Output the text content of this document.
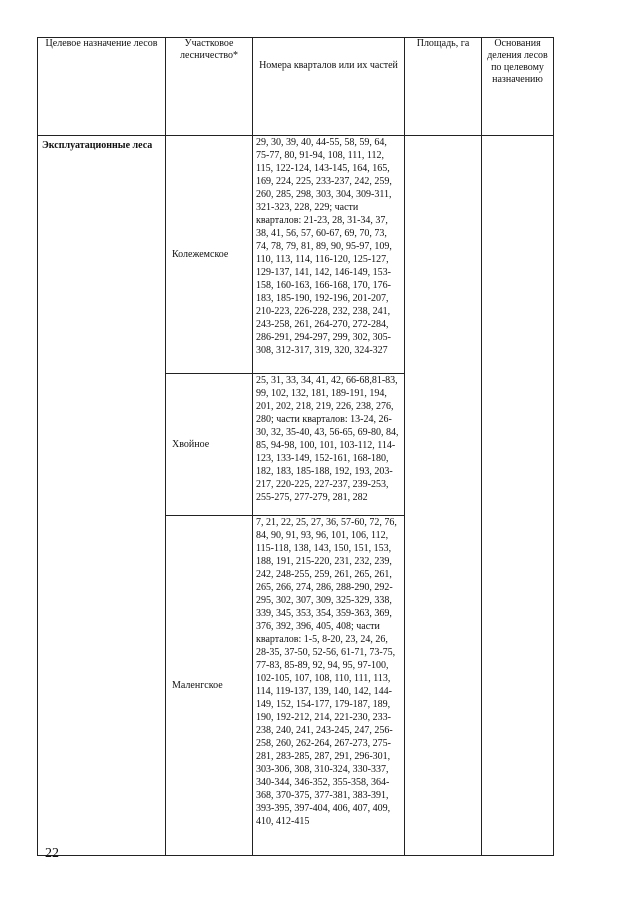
Целевое назначение лесов	Участковое лесничество*	Номера кварталов или их частей	Площадь, га	Основания деления лесов по целевому назначению
Эксплуатационные леса	Колежемское	29, 30, 39, 40, 44-55, 58, 59, 64, 75-77, 80, 91-94, 108, 111, 112, 115, 122-124, 143-145, 164, 165, 169, 224, 225, 233-237, 242, 259, 260, 285, 298, 303, 304, 309-311, 321-323, 228, 229; части кварталов: 21-23, 28, 31-34, 37, 38, 41, 56, 57, 60-67, 69, 70, 73, 74, 78, 79, 81, 89, 90, 95-97, 109, 110, 113, 114, 116-120, 125-127, 129-137, 141, 142, 146-149, 153-158, 160-163, 166-168, 170, 176-183, 185-190, 192-196, 201-207, 210-223, 226-228, 232, 238, 241, 243-258, 261, 264-270, 272-284, 286-291, 294-297, 299, 302, 305-308, 312-317, 319, 320, 324-327		
	Хвойное	25, 31, 33, 34, 41, 42, 66-68,81-83, 99, 102, 132, 181, 189-191, 194, 201, 202, 218, 219, 226, 238, 276, 280; части кварталов: 13-24, 26-30, 32, 35-40, 43, 56-65, 69-80, 84, 85, 94-98, 100, 101, 103-112, 114-123, 133-149, 152-161, 168-180, 182, 183, 185-188, 192, 193, 203-217, 220-225, 227-237, 239-253, 255-275, 277-279, 281, 282		
	Маленгское	7, 21, 22, 25, 27, 36, 57-60, 72, 76, 84, 90, 91, 93, 96, 101, 106, 112, 115-118, 138, 143, 150, 151, 153, 188, 191, 215-220, 231, 232, 239, 242, 248-255, 259, 261, 265, 261, 265, 266, 274, 286, 288-290, 292-295, 302, 307, 309, 325-329, 338, 339, 345, 353, 354, 359-363, 369, 376, 392, 396, 405, 408; части кварталов: 1-5, 8-20, 23, 24, 26, 28-35, 37-50, 52-56, 61-71, 73-75, 77-83, 85-89, 92, 94, 95, 97-100, 102-105, 107, 108, 110, 111, 113, 114, 119-137, 139, 140, 142, 144-149, 152, 154-177, 179-187, 189, 190, 192-212, 214, 221-230, 233-238, 240, 241, 243-245, 247, 256-258, 260, 262-264, 267-273, 275-281, 283-285, 287, 291, 296-301, 303-306, 308, 310-324, 330-337, 340-344, 346-352, 355-358, 364-368, 370-375, 377-381, 383-391, 393-395, 397-404, 406, 407, 409, 410, 412-415		
22
